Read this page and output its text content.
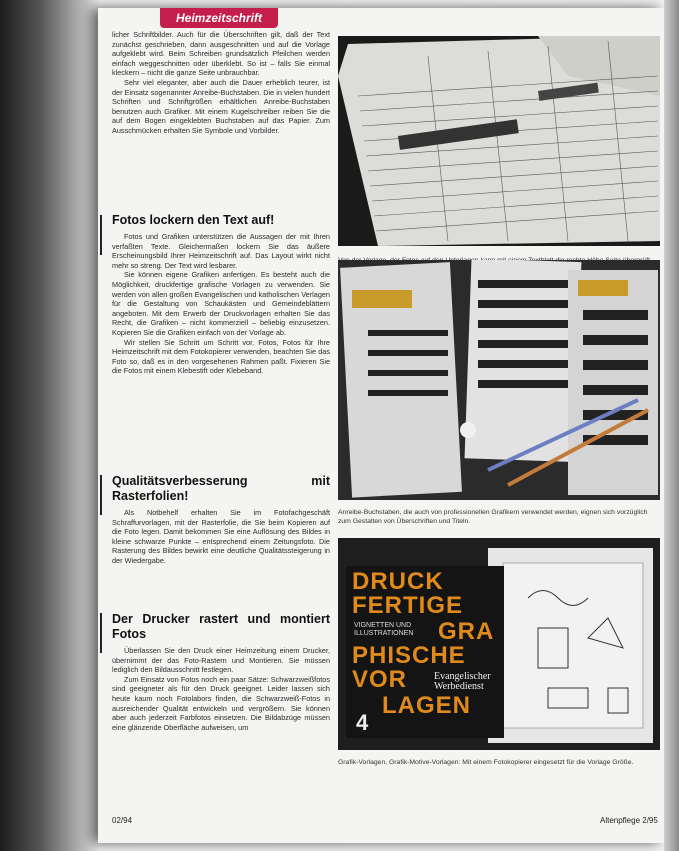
Heimzeitschrift

licher Schriftbilder. Auch für die Überschriften gilt, daß der Text zunächst geschrieben, dann ausgeschnitten und auf die Vorlage aufgeklebt wird. Beim Schreiben grundsätzlich Pfeilchen werden einfach weggeschnitten oder überklebt. So ist – falls Sie einmal kleckern – nicht die ganze Seite unbrauchbar.

Sehr viel eleganter, aber auch die Dauer erheblich teurer, ist der Einsatz sogenannter Anreibe-Buchstaben. Die in vielen hundert Schriften und Schriftgrößen erhältlichen Anreibe-Buchstaben benutzen auch Grafiker. Mit einem Kugelschreiber reiben Sie die auf dem Bogen eingeklebten Buchstaben auf das Papier. Zum Ausschmücken erhalten Sie Symbole und Vorbilder.

Fotos lockern den Text auf!

Fotos und Grafiken unterstützen die Aussagen der mit Ihren verfaßten Texte. Gleichermaßen lockern Sie das äußere Erscheinungsbild Ihrer Heimzeitschrift auf. Das Layout wirkt nicht mehr so streng. Der Text wird lesbarer.

Sie können eigene Grafiken anfertigen. Es besteht auch die Möglichkeit, druckfertige grafische Vorlagen zu verwenden. Sie werden von allen großen Evangelischen und katholischen Verlagen für die Gestaltung von Schaukästen und Gemeindeblättern angeboten. Mit dem Erwerb der Druckvorlagen erhalten Sie das Recht, die Grafiken – nicht kommerziell – beliebig einzusetzen. Kopieren Sie die Grafiken einfach von der Vorlage ab.

Wir stellen Sie Schritt um Schritt vor. Fotos, Fotos für Ihre Heimzeitschrift mit dem Fotokopierer verwenden, beachten Sie das Foto so, daß es in den vorgesehenen Rahmen paßt. Fixieren Sie die Fotos mit einem Klebestift oder Klebeband.

Qualitätsverbesserung mit Rasterfolien!

Als Notbehelf erhalten Sie im Fotofachgeschäft Schraffurvorlagen, mit der Rasterfolie, die Sie beim Kopieren auf die Foto legen. Damit bekommen Sie eine Auflösung des Bildes in kleine schwarze Punkte – entsprechend einem Zeitungsfoto. Die Rasterung des Bildes bewirkt eine deutliche Qualitätssteigerung in der Wiedergabe.

Der Drucker rastert und montiert Fotos

Überlassen Sie den Druck einer Heimzeitung einem Drucker, übernimmt der das Foto-Rastern und Montieren. Sie müssen lediglich den Bildausschnitt festlegen.

Zum Einsatz von Fotos noch ein paar Sätze: Schwarzweißfotos sind geeigneter als für den Druck geeignet. Leider lassen sich heute kaum noch Fotolabors finden, die Schwarzweiß-Fotos in ausreichender Qualität entwickeln und vergrößern. Sie können aber auch jederzeit Farbfotos einsetzen. Die Bildabzüge müssen eine glänzende Oberfläche aufweisen, um

Anreibe-Buchstaben, die auch von professionellen Grafikern verwendet werden, eignen sich vorzüglich zum Gestalten von Überschriften und Titeln.
DRUCK
FERTIGE
VIGNETTEN UND
ILLUSTRATIONEN GRA
PHISCHE
VOR	Evangelischer
Werbedienst
LAGEN
4
Grafik-Vorlagen, Grafik-Motive-Vorlagen: Mit einem Fotokopierer eingesetzt für die Vorlage Größe.
02/94	Altenpflege 2/95
